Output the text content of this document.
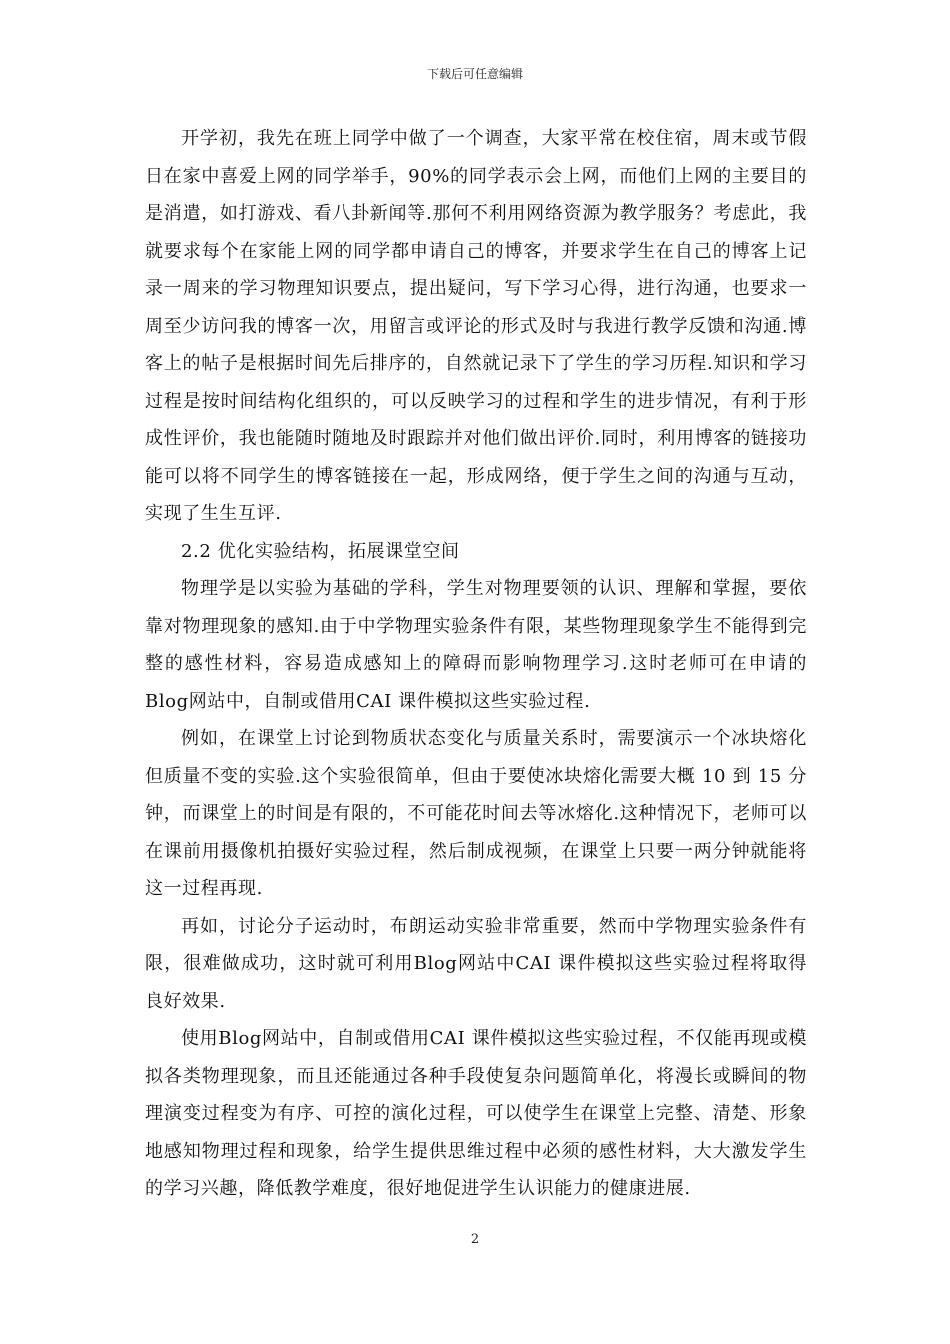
下载后可任意编辑

开学初，我先在班上同学中做了一个调查，大家平常在校住宿，周末或节假日在家中喜爱上网的同学举手，90%的同学表示会上网，而他们上网的主要目的是消遣，如打游戏、看八卦新闻等.那何不利用网络资源为教学服务？考虑此，我就要求每个在家能上网的同学都申请自己的博客，并要求学生在自己的博客上记录一周来的学习物理知识要点，提出疑问，写下学习心得，进行沟通，也要求一周至少访问我的博客一次，用留言或评论的形式及时与我进行教学反馈和沟通.博客上的帖子是根据时间先后排序的，自然就记录下了学生的学习历程.知识和学习过程是按时间结构化组织的，可以反映学习的过程和学生的进步情况，有利于形成性评价，我也能随时随地及时跟踪并对他们做出评价.同时，利用博客的链接功能可以将不同学生的博客链接在一起，形成网络，便于学生之间的沟通与互动，实现了生生互评.

2.2 优化实验结构，拓展课堂空间

物理学是以实验为基础的学科，学生对物理要领的认识、理解和掌握，要依靠对物理现象的感知.由于中学物理实验条件有限，某些物理现象学生不能得到完整的感性材料，容易造成感知上的障碍而影响物理学习.这时老师可在申请的Blog网站中，自制或借用CAI 课件模拟这些实验过程.

例如，在课堂上讨论到物质状态变化与质量关系时，需要演示一个冰块熔化但质量不变的实验.这个实验很简单，但由于要使冰块熔化需要大概 10 到 15 分钟，而课堂上的时间是有限的，不可能花时间去等冰熔化.这种情况下，老师可以在课前用摄像机拍摄好实验过程，然后制成视频，在课堂上只要一两分钟就能将这一过程再现.

再如，讨论分子运动时，布朗运动实验非常重要，然而中学物理实验条件有限，很难做成功，这时就可利用Blog网站中CAI 课件模拟这些实验过程将取得良好效果.

使用Blog网站中，自制或借用CAI 课件模拟这些实验过程，不仅能再现或模拟各类物理现象，而且还能通过各种手段使复杂问题简单化，将漫长或瞬间的物理演变过程变为有序、可控的演化过程，可以使学生在课堂上完整、清楚、形象地感知物理过程和现象，给学生提供思维过程中必须的感性材料，大大激发学生的学习兴趣，降低教学难度，很好地促进学生认识能力的健康进展.

2
